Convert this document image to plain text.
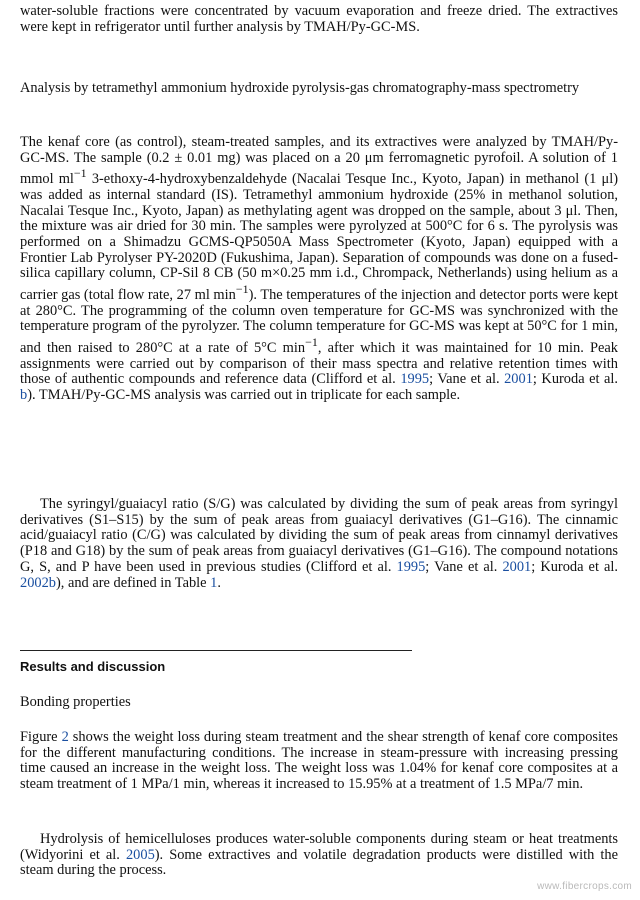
water-soluble fractions were concentrated by vacuum evaporation and freeze dried. The extractives were kept in refrigerator until further analysis by TMAH/Py-GC-MS.

Analysis by tetramethyl ammonium hydroxide pyrolysis-gas chromatography-mass spectrometry

The kenaf core (as control), steam-treated samples, and its extractives were analyzed by TMAH/Py-GC-MS. The sample (0.2 ± 0.01 mg) was placed on a 20 μm ferromagnetic pyrofoil. A solution of 1 mmol $ml^{-1}$ 3-ethoxy-4-hydroxybenzaldehyde (Nacalai Tesque Inc., Kyoto, Japan) in methanol (1 μl) was added as internal standard (IS). Tetramethyl ammonium hydroxide (25% in methanol solution, Nacalai Tesque Inc., Kyoto, Japan) as methylating agent was dropped on the sample, about 3 μl. Then, the mixture was air dried for 30 min. The samples were pyrolyzed at 500°C for 6 s. The pyrolysis was performed on a Shimadzu GCMS-QP5050A Mass Spectrometer (Kyoto, Japan) equipped with a Frontier Lab Pyrolyser PY-2020D (Fukushima, Japan). Separation of compounds was done on a fused-silica capillary column, CP-Sil 8 CB (50 m×0.25 mm i.d., Chrompack, Netherlands) using helium as a carrier gas (total flow rate, 27 ml $\min^{-1}$). The temperatures of the injection and detector ports were kept at 280°C. The programming of the column oven temperature for GC-MS was synchronized with the temperature program of the pyrolyzer. The column temperature for GC-MS was kept at 50°C for 1 min, and then raised to 280°C at a rate of 5°C $\min^{-1}$, after which it was maintained for 10 min. Peak assignments were carried out by comparison of their mass spectra and relative retention times with those of authentic compounds and reference data (Clifford et al. 1995; Vane et al. 2001; Kuroda et al. b). TMAH/Py-GC-MS analysis was carried out in triplicate for each sample.

The syringyl/guaiacyl ratio (S/G) was calculated by dividing the sum of peak areas from syringyl derivatives (S1–S15) by the sum of peak areas from guaiacyl derivatives (G1–G16). The cinnamic acid/guaiacyl ratio (C/G) was calculated by dividing the sum of peak areas from cinnamyl derivatives (P18 and G18) by the sum of peak areas from guaiacyl derivatives (G1–G16). The compound notations G, S, and P have been used in previous studies (Clifford et al. 1995; Vane et al. 2001; Kuroda et al. 2002b), and are defined in Table 1.

Results and discussion

Bonding properties

Figure 2 shows the weight loss during steam treatment and the shear strength of kenaf core composites for the different manufacturing conditions. The increase in steam-pressure with increasing pressing time caused an increase in the weight loss. The weight loss was 1.04% for kenaf core composites at a steam treatment of 1 MPa/1 min, whereas it increased to 15.95% at a treatment of 1.5 MPa/7 min.

Hydrolysis of hemicelluloses produces water-soluble components during steam or heat treatments (Widyorini et al. 2005). Some extractives and volatile degradation products were distilled with the steam during the process.

www.fibercrops.com
